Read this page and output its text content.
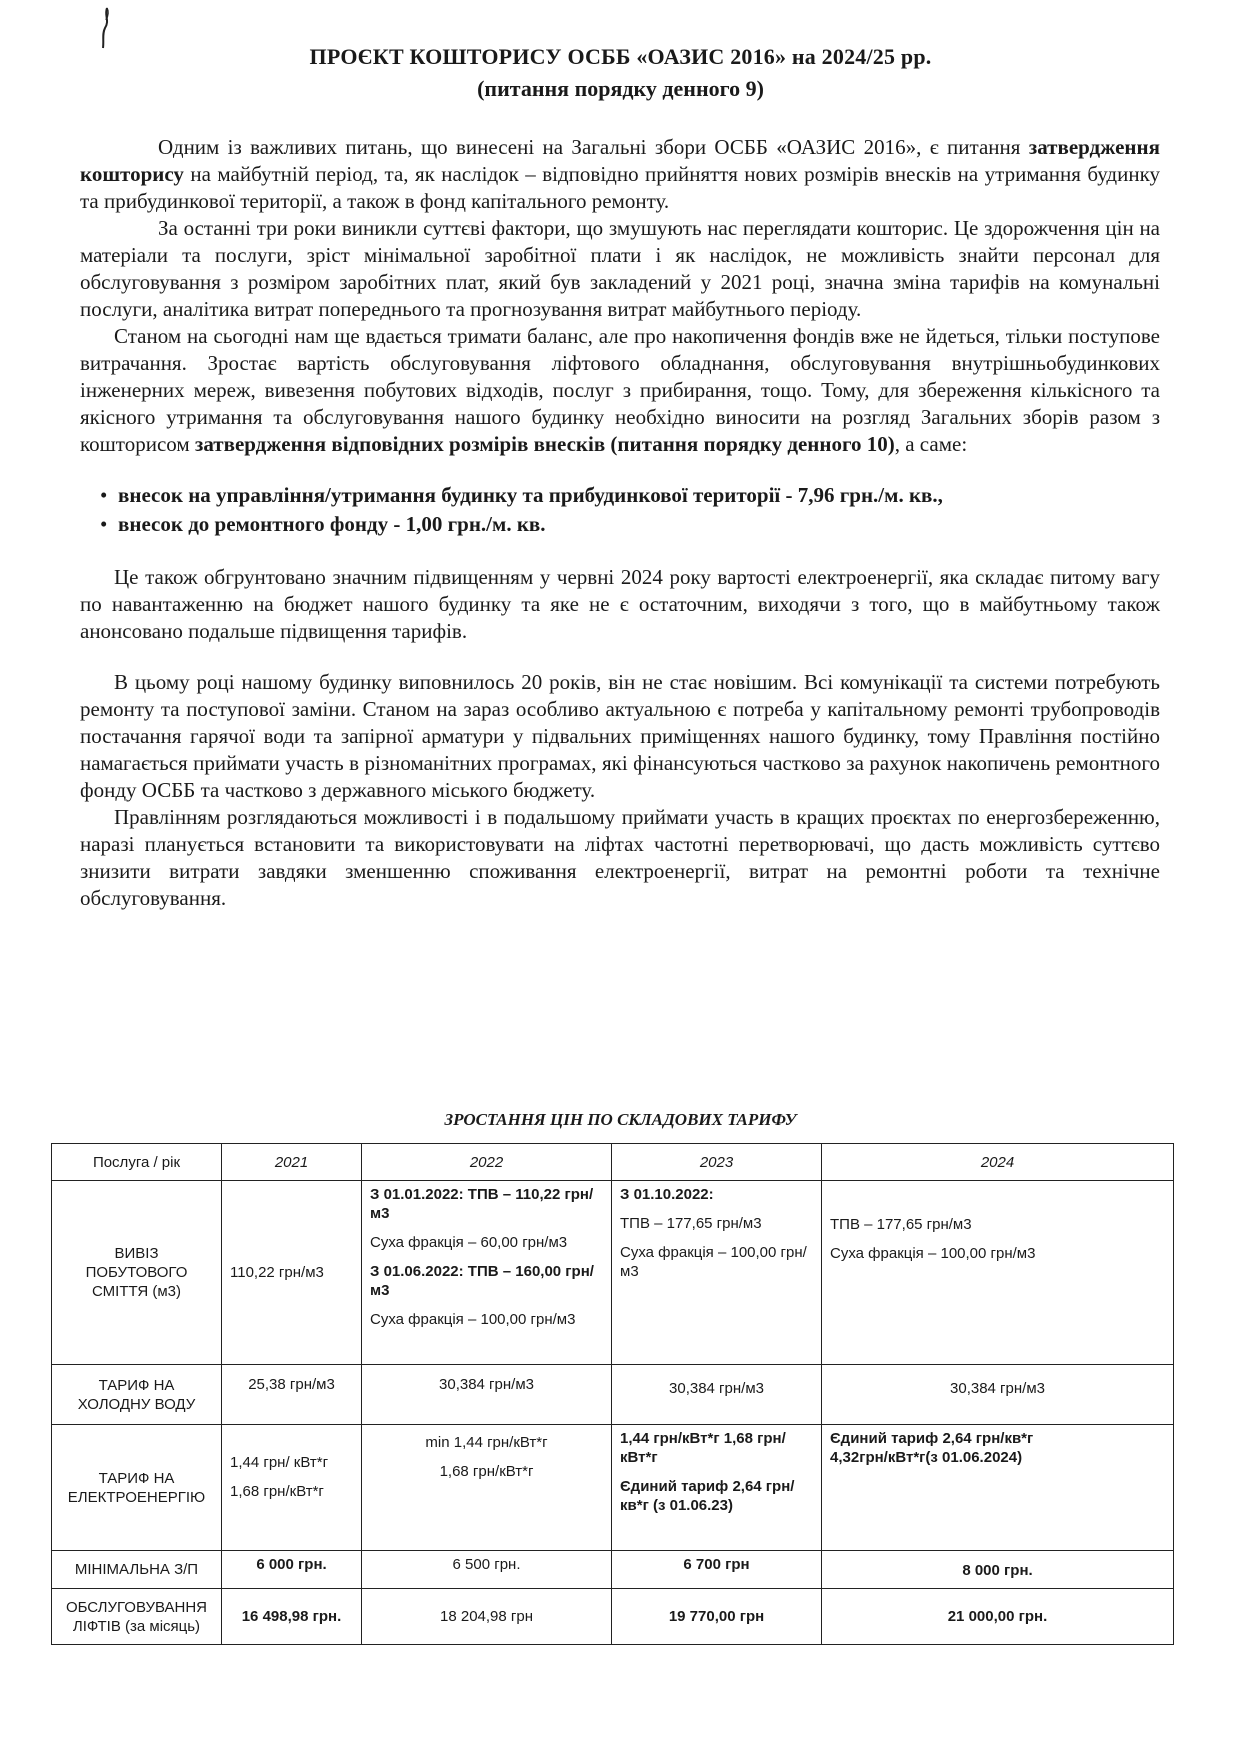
ПРОЄКТ КОШТОРИСУ ОСББ «ОАЗИС 2016» на 2024/25 рр.
(питання порядку денного 9)

Одним із важливих питань, що винесені на Загальні збори ОСББ «ОАЗИС 2016», є питання затвердження кошторису на майбутній період, та, як наслідок – відповідно прийняття нових розмірів внесків на утримання будинку та прибудинкової території, а також в фонд капітального ремонту.

За останні три роки виникли суттєві фактори, що змушують нас переглядати кошторис. Це здорожчення цін на матеріали та послуги, зріст мінімальної заробітної плати і як наслідок, не можливість знайти персонал для обслуговування з розміром заробітних плат, який був закладений у 2021 році, значна зміна тарифів на комунальні послуги, аналітика витрат попереднього та прогнозування витрат майбутнього періоду.

Станом на сьогодні нам ще вдається тримати баланс, але про накопичення фондів вже не йдеться, тільки поступове витрачання. Зростає вартість обслуговування ліфтового обладнання, обслуговування внутрішньобудинкових інженерних мереж, вивезення побутових відходів, послуг з прибирання, тощо. Тому, для збереження кількісного та якісного утримання та обслуговування нашого будинку необхідно виносити на розгляд Загальних зборів разом з кошторисом затвердження відповідних розмірів внесків (питання порядку денного 10), а саме:

• внесок на управління/утримання будинку та прибудинкової території - 7,96 грн./м. кв.,
• внесок до ремонтного фонду - 1,00 грн./м. кв.

Це також обгрунтовано значним підвищенням у червні 2024 року вартості електроенергії, яка складає питому вагу по навантаженню на бюджет нашого будинку та яке не є остаточним, виходячи з того, що в майбутньому також анонсовано подальше підвищення тарифів.

В цьому році нашому будинку виповнилось 20 років, він не стає новішим. Всі комунікації та системи потребують ремонту та поступової заміни. Станом на зараз особливо актуальною є потреба у капітальному ремонті трубопроводів постачання гарячої води та запірної арматури у підвальних приміщеннях нашого будинку, тому Правління постійно намагається приймати участь в різноманітних програмах, які фінансуються частково за рахунок накопичень ремонтного фонду ОСББ та частково з державного міського бюджету.

Правлінням розглядаються можливості і в подальшому приймати участь в кращих проєктах по енергозбереженню, наразі планується встановити та використовувати на ліфтах частотні перетворювачі, що дасть можливість суттєво знизити витрати завдяки зменшенню споживання електроенергії, витрат на ремонтні роботи та технічне обслуговування.

ЗРОСТАННЯ ЦІН ПО СКЛАДОВИХ ТАРИФУ
Послуга / рік	2021	2022	2023	2024

ВИВІЗ
ПОБУТОВОГО
СМІТТЯ (м3)	110,22 грн/м3	З 01.01.2022: ТПВ – 110,22 грн/м3
Суха фракція – 60,00 грн/м3
З 01.06.2022: ТПВ – 160,00 грн/м3
Суха фракція – 100,00 грн/м3	З 01.10.2022:
ТПВ – 177,65 грн/м3
Суха фракція – 100,00 грн/м3	ТПВ – 177,65 грн/м3
Суха фракція – 100,00 грн/м3

ТАРИФ НА
ХОЛОДНУ ВОДУ	25,38 грн/м3	30,384 грн/м3	30,384 грн/м3	30,384 грн/м3

ТАРИФ НА
ЕЛЕКТРОЕНЕРГІЮ	1,44 грн/ кВт*г
1,68 грн/кВт*г	min 1,44 грн/кВт*г
1,68 грн/кВт*г	1,44 грн/кВт*г 1,68 грн/кВт*г
Єдиний тариф 2,64 грн/кв*г (з 01.06.23)	Єдиний тариф 2,64 грн/кв*г
4,32грн/кВт*г(з 01.06.2024)

МІНІМАЛЬНА З/П	6 000 грн.	6 500 грн.	6 700 грн	8 000 грн.

ОБСЛУГОВУВАННЯ
ЛІФТІВ (за місяць)	16 498,98 грн.	18 204,98 грн	19 770,00 грн	21 000,00 грн.
